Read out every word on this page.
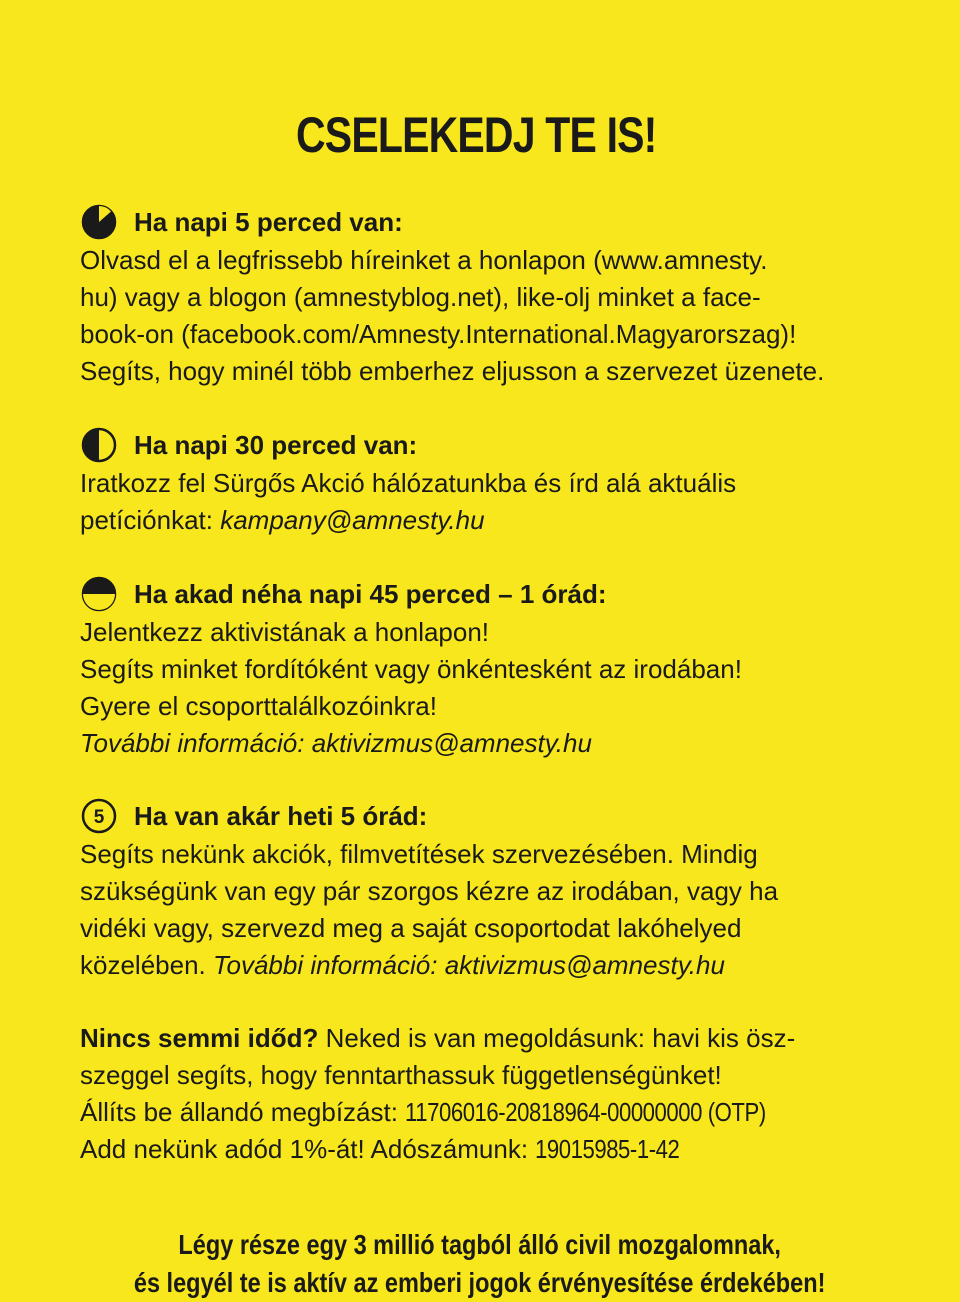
CSELEKEDJ TE IS!
Ha napi 5 perced van:
Olvasd el a legfrissebb híreinket a honlapon (www.amnesty.
hu) vagy a blogon (amnestyblog.net), like-olj minket a face-
book-on (facebook.com/Amnesty.International.Magyarorszag)!
Segíts, hogy minél több emberhez eljusson a szervezet üzenete.
Ha napi 30 perced van:
Iratkozz fel Sürgős Akció hálózatunkba és írd alá aktuális
petíciónkat: kampany@amnesty.hu
Ha akad néha napi 45 perced – 1 órád:
Jelentkezz aktivistának a honlapon!
Segíts minket fordítóként vagy önkéntesként az irodában!
Gyere el csoporttalálkozóinkra!
További információ: aktivizmus@amnesty.hu
5 Ha van akár heti 5 órád:
Segíts nekünk akciók, filmvetítések szervezésében. Mindig
szükségünk van egy pár szorgos kézre az irodában, vagy ha
vidéki vagy, szervezd meg a saját csoportodat lakóhelyed
közelében. További információ: aktivizmus@amnesty.hu
Nincs semmi időd? Neked is van megoldásunk: havi kis ösz-
szeggel segíts, hogy fenntarthassuk függetlenségünket!
Állíts be állandó megbízást: 11706016-20818964-00000000 (OTP)
Add nekünk adód 1%-át! Adószámunk: 19015985-1-42
Légy része egy 3 millió tagból álló civil mozgalomnak,
és legyél te is aktív az emberi jogok érvényesítése érdekében!
